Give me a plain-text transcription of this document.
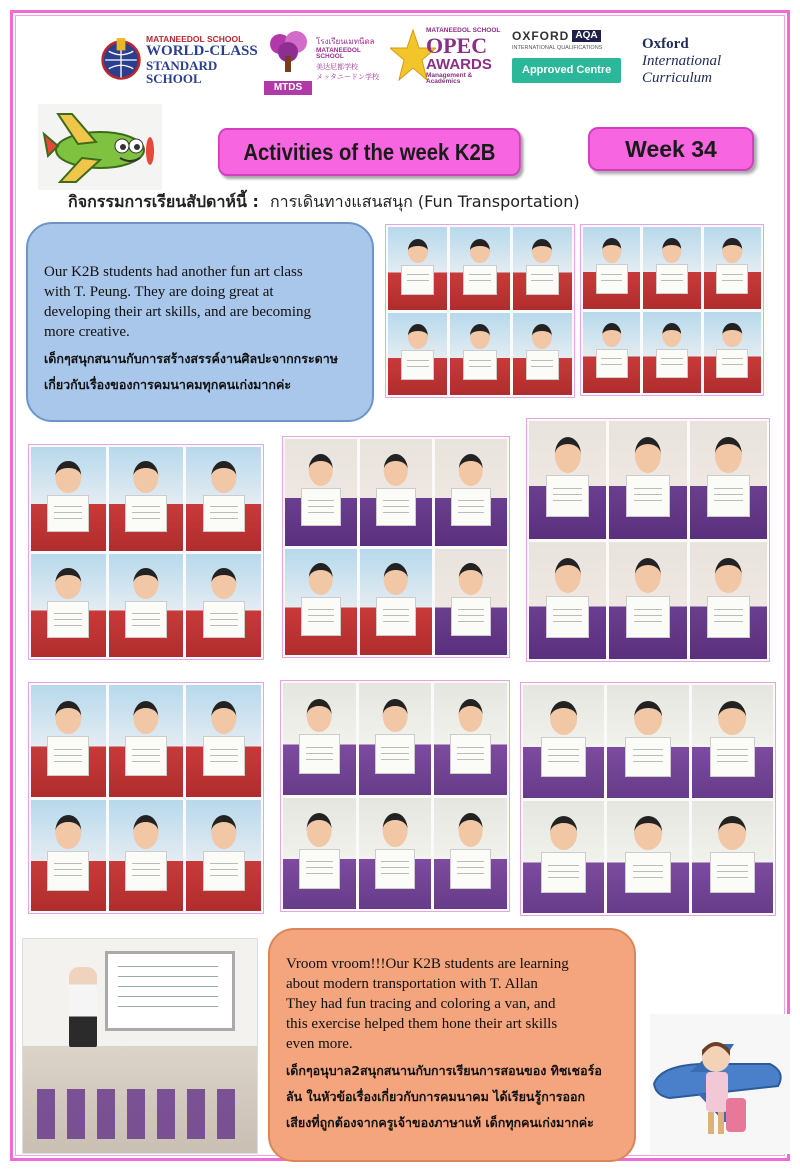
MATANEEDOL SCHOOL
WORLD-CLASS
STANDARD SCHOOL
MTDS
โรงเรียนเมทนีดล
MATANEEDOL SCHOOL
美达尼都学校
メッタニードン学校
MATANEEDOL SCHOOL
OPEC
AWARDS
Management & Academics
OXFORD AQA
INTERNATIONAL QUALIFICATIONS
Approved Centre
Oxford
International
Curriculum
Activities of the week K2B	Week 34
กิจกรรมการเรียนสัปดาห์นี้ : การเดินทางแสนสนุก (Fun Transportation)
Our K2B students had another fun art class
with T. Peung. They are doing great at
developing their art skills, and are becoming
more creative.
เด็กๆสนุกสนานกับการสร้างสรรค์งานศิลปะจากกระดาษ
เกี่ยวกับเรื่องของการคมนาคมทุกคนเก่งมากค่ะ
Vroom vroom!!!Our K2B students are learning
about modern transportation with T. Allan
They had fun tracing and coloring a van, and
this exercise helped them hone their art skills
even more.
เด็กๆอนุบาล2สนุกสนานกับการเรียนการสอนของ ทิชเชอร์อ
ลัน ในหัวข้อเรื่องเกี่ยวกับการคมนาคม ได้เรียนรู้การออก
เสียงที่ถูกต้องจากครูเจ้าของภาษาแท้ เด็กทุกคนเก่งมากค่ะ
